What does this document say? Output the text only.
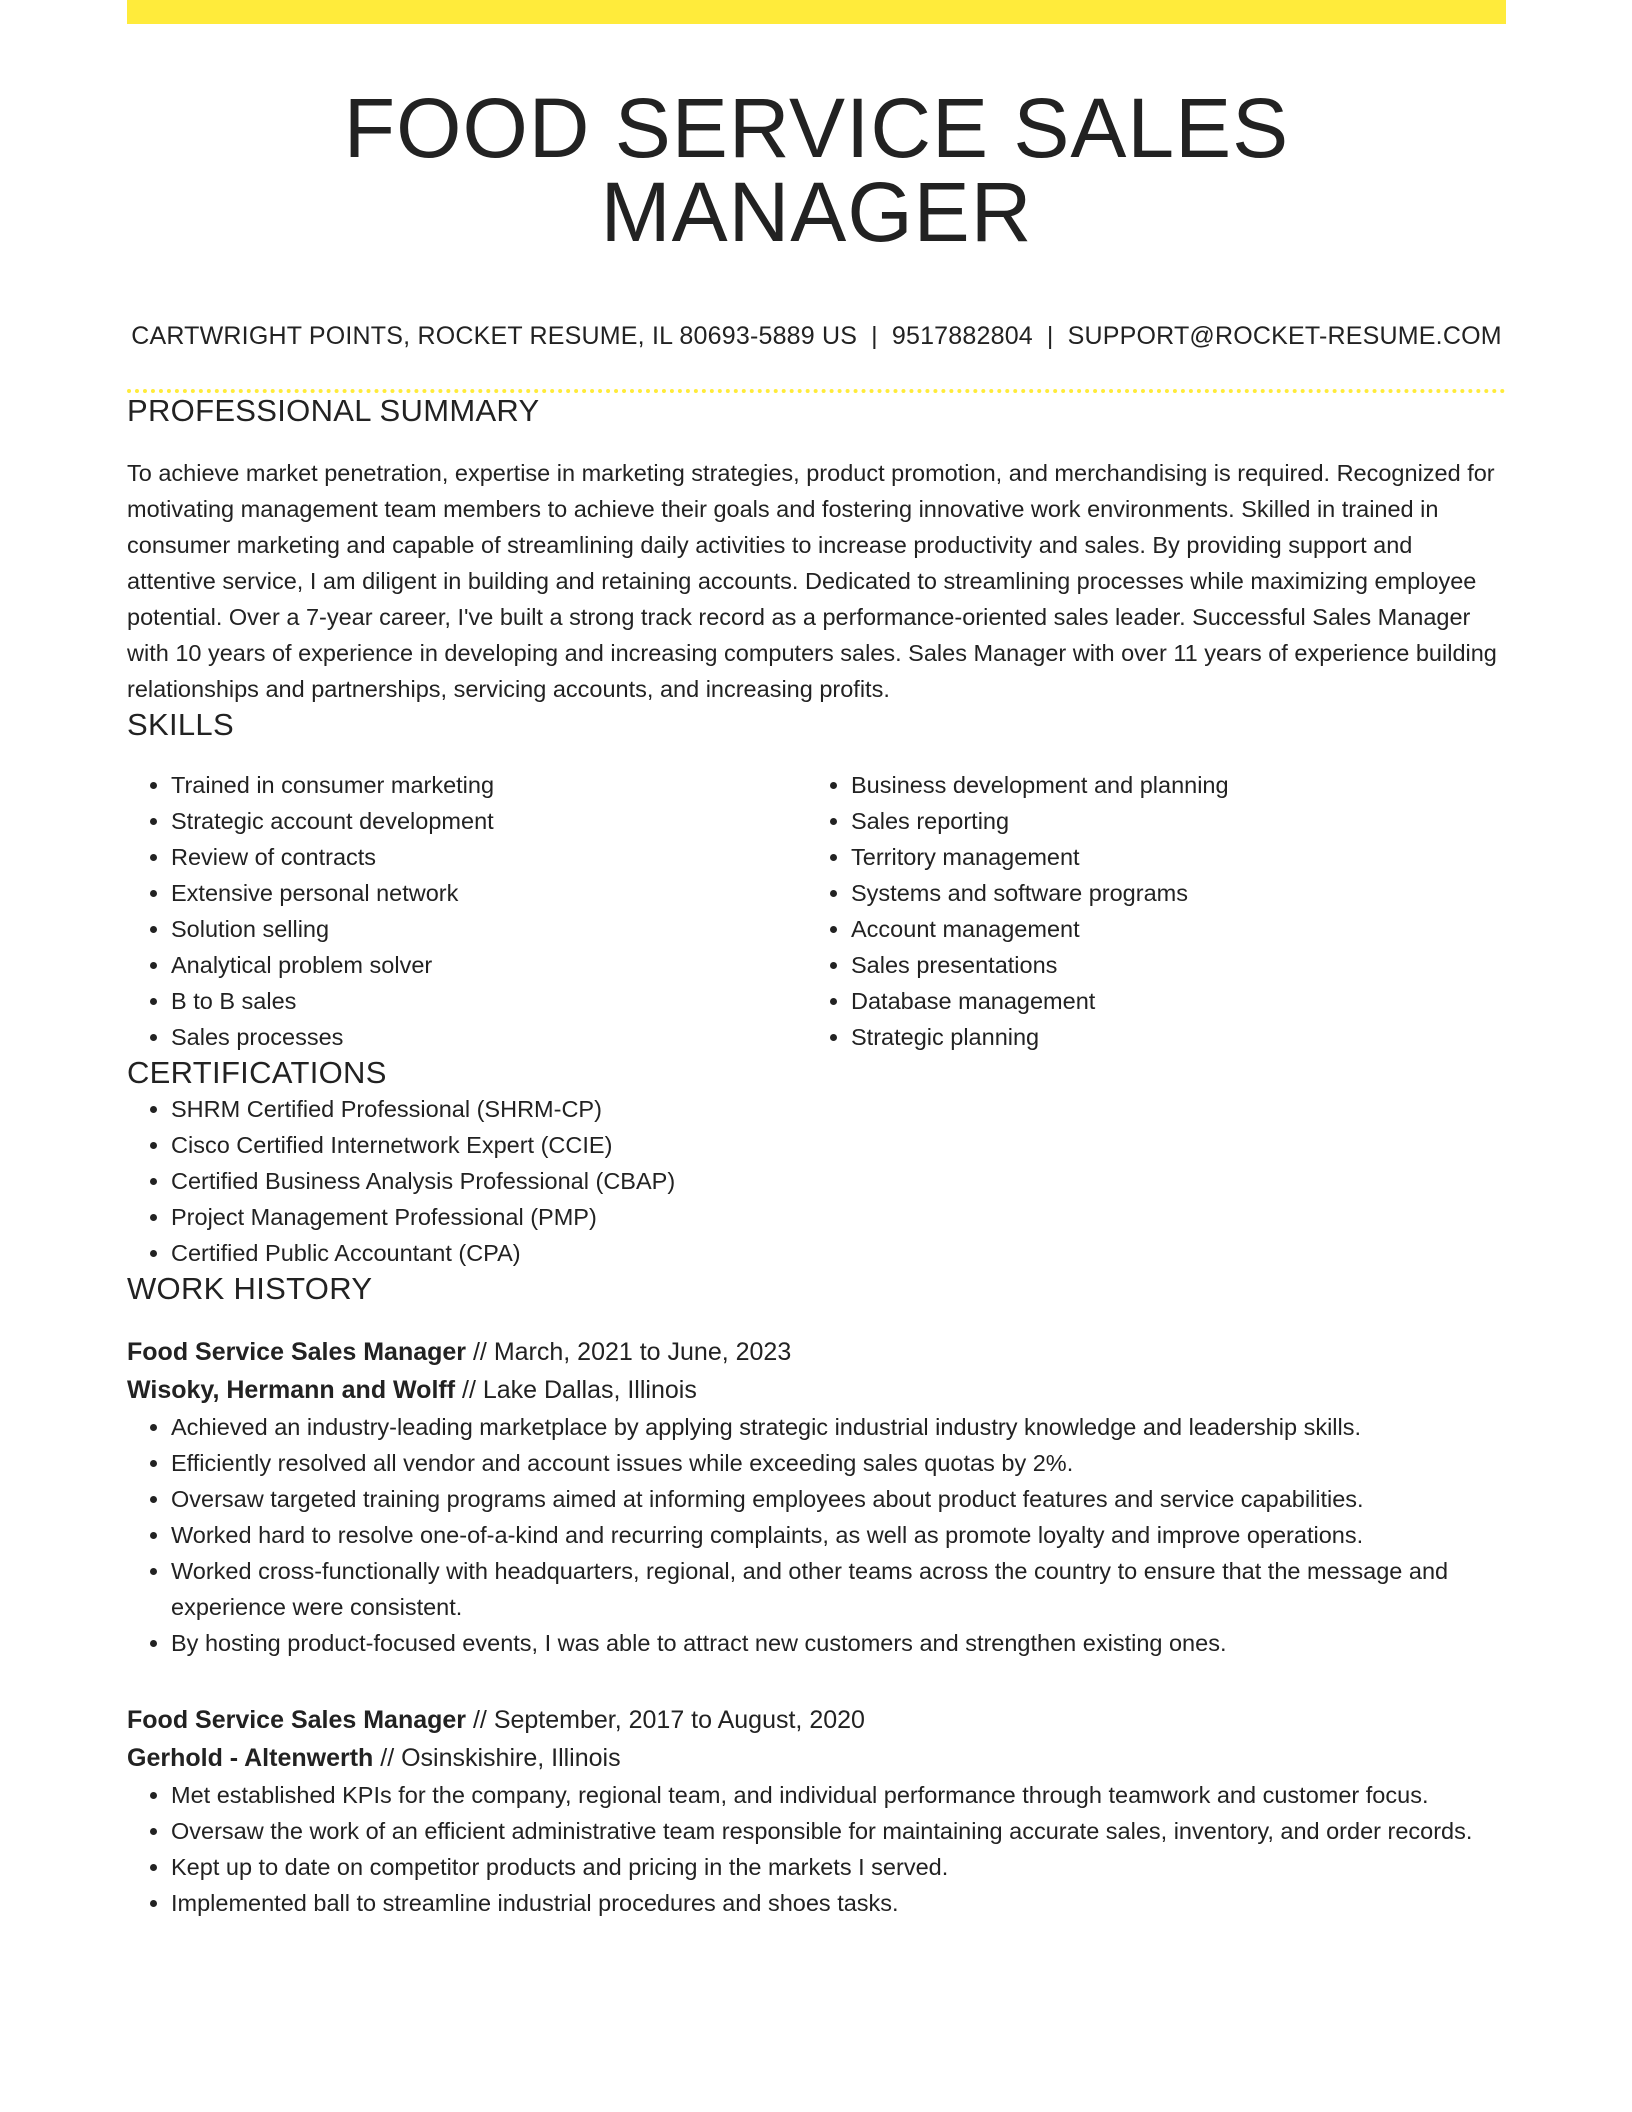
FOOD SERVICE SALES MANAGER
CARTWRIGHT POINTS, ROCKET RESUME, IL 80693-5889 US | 9517882804 | SUPPORT@ROCKET-RESUME.COM
PROFESSIONAL SUMMARY
To achieve market penetration, expertise in marketing strategies, product promotion, and merchandising is required. Recognized for motivating management team members to achieve their goals and fostering innovative work environments. Skilled in trained in consumer marketing and capable of streamlining daily activities to increase productivity and sales. By providing support and attentive service, I am diligent in building and retaining accounts. Dedicated to streamlining processes while maximizing employee potential. Over a 7-year career, I've built a strong track record as a performance-oriented sales leader. Successful Sales Manager with 10 years of experience in developing and increasing computers sales. Sales Manager with over 11 years of experience building relationships and partnerships, servicing accounts, and increasing profits.
SKILLS
• Trained in consumer marketing
• Strategic account development
• Review of contracts
• Extensive personal network
• Solution selling
• Analytical problem solver
• B to B sales
• Sales processes
• Business development and planning
• Sales reporting
• Territory management
• Systems and software programs
• Account management
• Sales presentations
• Database management
• Strategic planning
CERTIFICATIONS
• SHRM Certified Professional (SHRM-CP)
• Cisco Certified Internetwork Expert (CCIE)
• Certified Business Analysis Professional (CBAP)
• Project Management Professional (PMP)
• Certified Public Accountant (CPA)
WORK HISTORY
Food Service Sales Manager // March, 2021 to June, 2023
Wisoky, Hermann and Wolff // Lake Dallas, Illinois
• Achieved an industry-leading marketplace by applying strategic industrial industry knowledge and leadership skills.
• Efficiently resolved all vendor and account issues while exceeding sales quotas by 2%.
• Oversaw targeted training programs aimed at informing employees about product features and service capabilities.
• Worked hard to resolve one-of-a-kind and recurring complaints, as well as promote loyalty and improve operations.
• Worked cross-functionally with headquarters, regional, and other teams across the country to ensure that the message and experience were consistent.
• By hosting product-focused events, I was able to attract new customers and strengthen existing ones.
Food Service Sales Manager // September, 2017 to August, 2020
Gerhold - Altenwerth // Osinskishire, Illinois
• Met established KPIs for the company, regional team, and individual performance through teamwork and customer focus.
• Oversaw the work of an efficient administrative team responsible for maintaining accurate sales, inventory, and order records.
• Kept up to date on competitor products and pricing in the markets I served.
• Implemented ball to streamline industrial procedures and shoes tasks.
